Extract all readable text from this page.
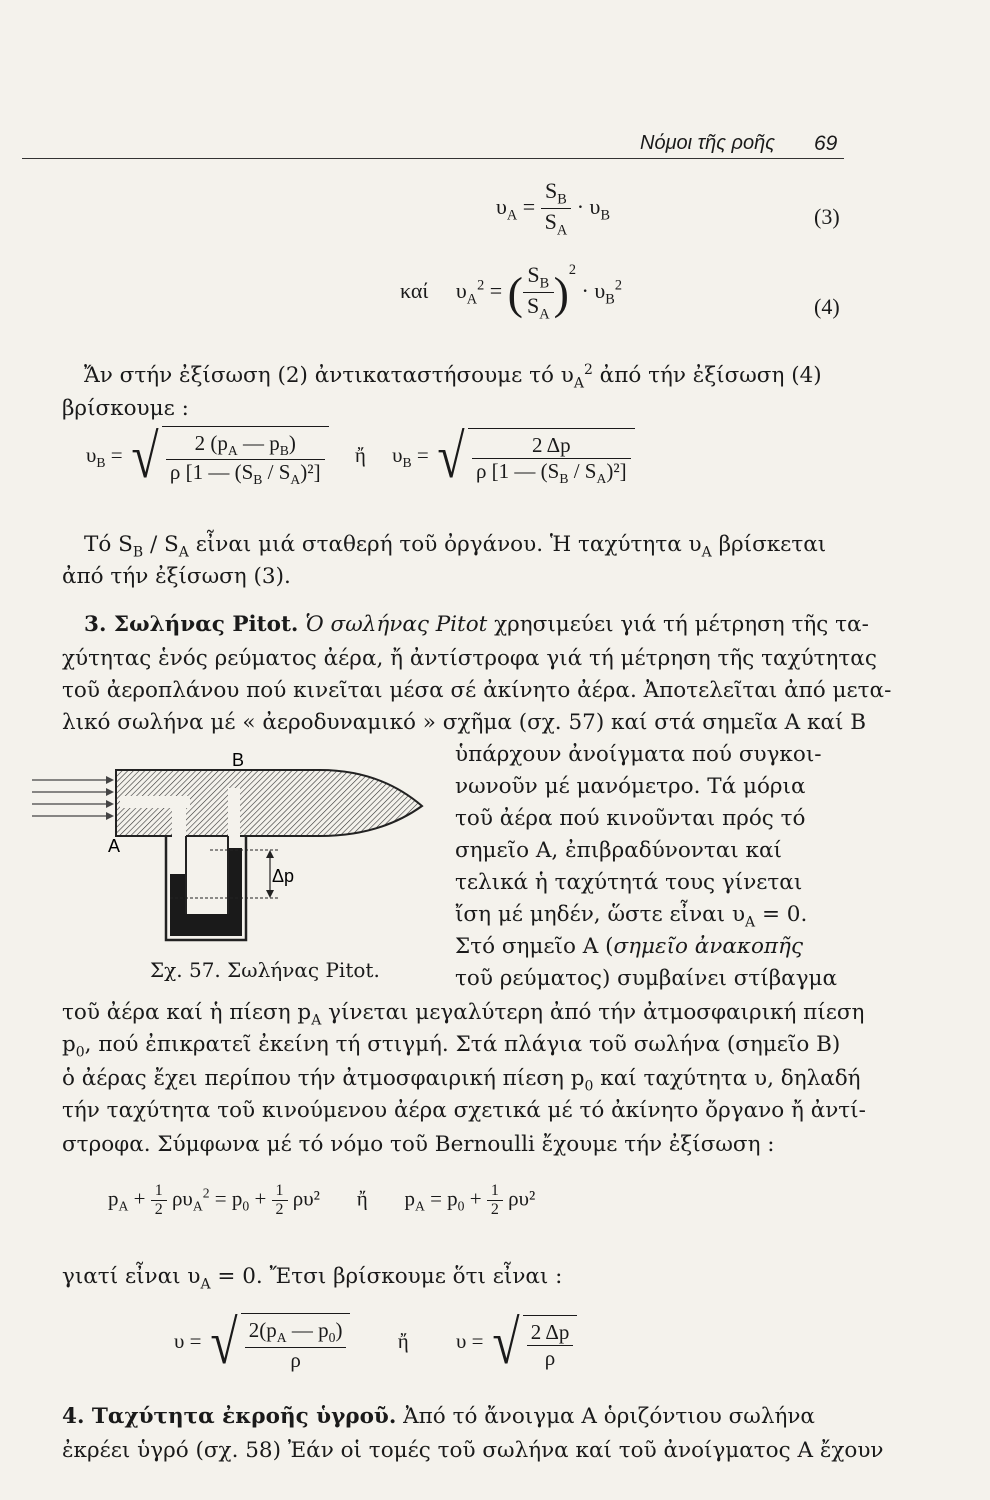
Νόμοι τῆς ροῆς 69
$\upsilon_A = \frac{S_B}{S_A} \cdot \upsilon_B$	(3)
καί $\upsilon_A^2$ = ( $\frac{S_B}{S_A} )^2 \cdot \upsilon_B^2$
(4)
Ἄν στήν ἐξίσωση (2) ἀντικαταστήσουμε τό $\upsilon_A^2$ ἀπό τήν ἐξίσωση (4)
βρίσκουμε :
$\upsilon_B$ = √ $\frac{2 (p_A — p_B)}{\rho [1 — (S_B / S_A)^2]}$ ἤ $\upsilon_B$ = √ $\frac{2 \Delta p}{\rho [1 — (S_B / S_A)^2]}$
Τό $S_B / S_A$ εἶναι μιά σταθερή τοῦ ὀργάνου. Ἡ ταχύτητα $\upsilon_A$ βρίσκεται
ἀπό τήν ἐξίσωση (3).
3. Σωλήνας Pitot. Ὁ σωλήνας Pitot χρησιμεύει γιά τή μέτρηση τῆς τα-
χύτητας ἑνός ρεύματος ἀέρα, ἤ ἀντίστροφα γιά τή μέτρηση τῆς ταχύτητας
τοῦ ἀεροπλάνου πού κινεῖται μέσα σέ ἀκίνητο ἀέρα. Ἀποτελεῖται ἀπό μετα-
λικό σωλήνα μέ « ἀεροδυναμικό » σχῆμα (σχ. 57) καί στά σημεῖα Α καί Β
ὑπάρχουν ἀνοίγματα πού συγκοι-
νωνοῦν μέ μανόμετρο. Τά μόρια
τοῦ ἀέρα πού κινοῦνται πρός τό
σημεῖο Α, ἐπιβραδύνονται καί
τελικά ἡ ταχύτητά τους γίνεται
ἴση μέ μηδέν, ὥστε εἶναι $\upsilon_A = 0$.
Στό σημεῖο Α (σημεῖο ἀνακοπῆς
τοῦ ρεύματος) συμβαίνει στίβαγμα
A
B
Δp
Σχ. 57. Σωλήνας Pitot.
τοῦ ἀέρα καί ἡ πίεση $p_A$ γίνεται μεγαλύτερη ἀπό τήν ἀτμοσφαιρική πίεση
$p_0$, πού ἐπικρατεῖ ἐκείνη τή στιγμή. Στά πλάγια τοῦ σωλήνα (σημεῖο Β)
ὁ ἀέρας ἔχει περίπου τήν ἀτμοσφαιρική πίεση $p_0$ καί ταχύτητα υ, δηλαδή
τήν ταχύτητα τοῦ κινούμενου ἀέρα σχετικά μέ τό ἀκίνητο ὄργανο ἤ ἀντί-
στροφα. Σύμφωνα μέ τό νόμο τοῦ Bernoulli ἔχουμε τήν ἐξίσωση :
$p_A + \frac{1}{2} \rho\upsilon_A^2 = p_0 + \frac{1}{2} \rho\upsilon^2$ ἤ $p_A = p_0 + \frac{1}{2} \rho\upsilon^2$
γιατί εἶναι $\upsilon_A = 0$. Ἔτσι βρίσκουμε ὅτι εἶναι :
υ = √ $\frac{2(p_A — p_0)}{\rho}$ ἤ υ = √ $\frac{2 \Delta p}{\rho}$
4. Ταχύτητα ἐκροῆς ὑγροῦ. Ἀπό τό ἄνοιγμα Α ὁριζόντιου σωλήνα
ἐκρέει ὑγρό (σχ. 58) Ἐάν οἱ τομές τοῦ σωλήνα καί τοῦ ἀνοίγματος Α ἔχουν
